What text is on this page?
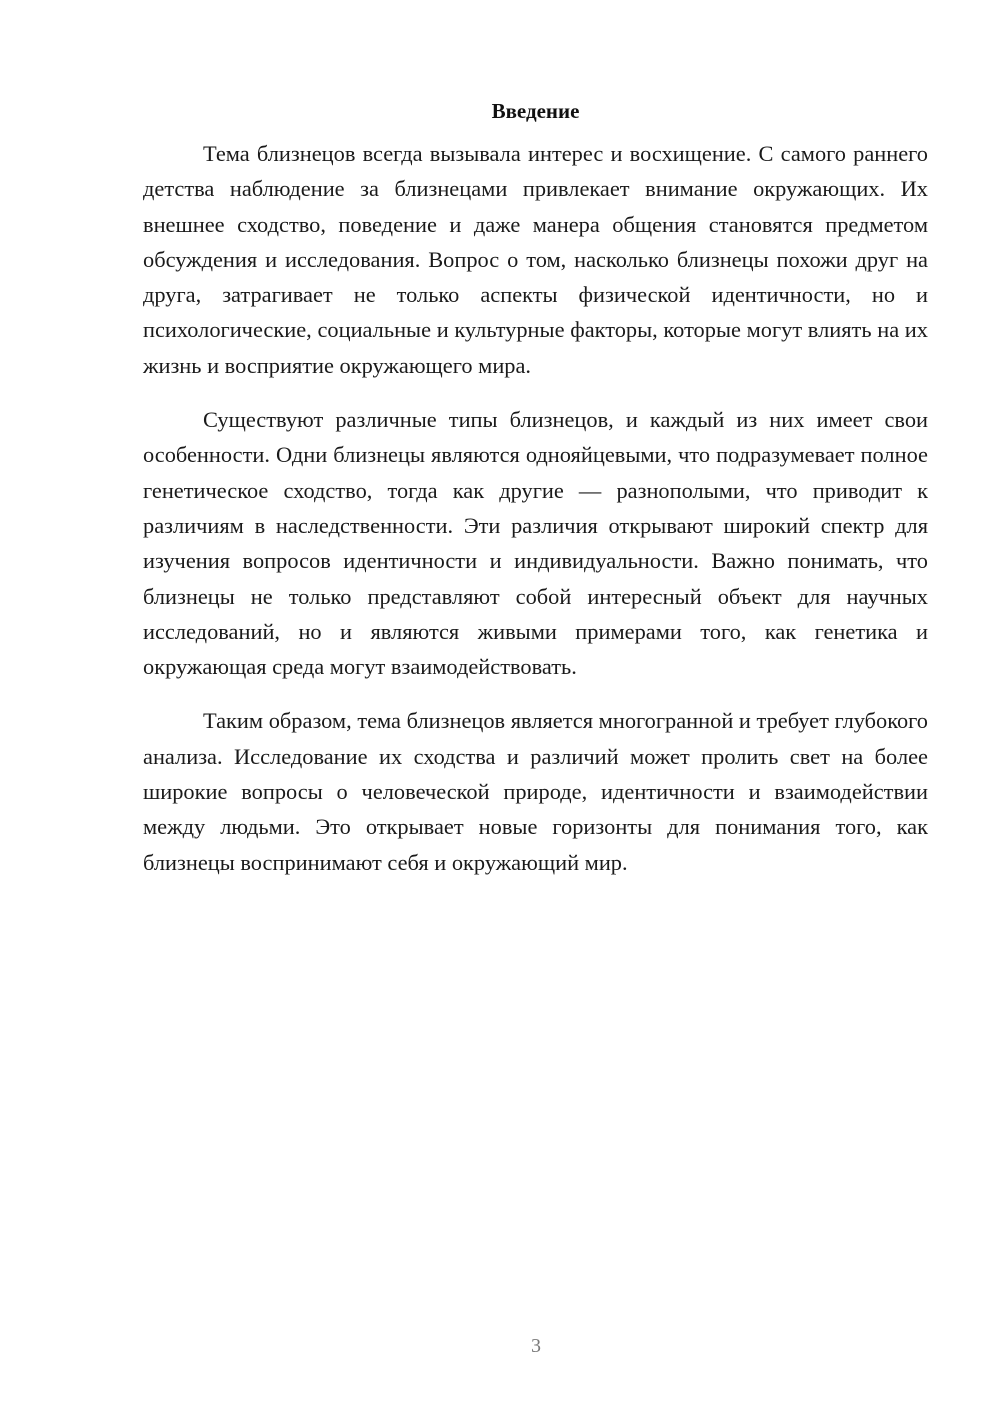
Введение

Тема близнецов всегда вызывала интерес и восхищение. С самого раннего детства наблюдение за близнецами привлекает внимание окружающих. Их внешнее сходство, поведение и даже манера общения становятся предметом обсуждения и исследования. Вопрос о том, насколько близнецы похожи друг на друга, затрагивает не только аспекты физической идентичности, но и психологические, социальные и культурные факторы, которые могут влиять на их жизнь и восприятие окружающего мира.

Существуют различные типы близнецов, и каждый из них имеет свои особенности. Одни близнецы являются однояйцевыми, что подразумевает полное генетическое сходство, тогда как другие — разнополыми, что приводит к различиям в наследственности. Эти различия открывают широкий спектр для изучения вопросов идентичности и индивидуальности. Важно понимать, что близнецы не только представляют собой интересный объект для научных исследований, но и являются живыми примерами того, как генетика и окружающая среда могут взаимодействовать.

Таким образом, тема близнецов является многогранной и требует глубокого анализа. Исследование их сходства и различий может пролить свет на более широкие вопросы о человеческой природе, идентичности и взаимодействии между людьми. Это открывает новые горизонты для понимания того, как близнецы воспринимают себя и окружающий мир.

3
